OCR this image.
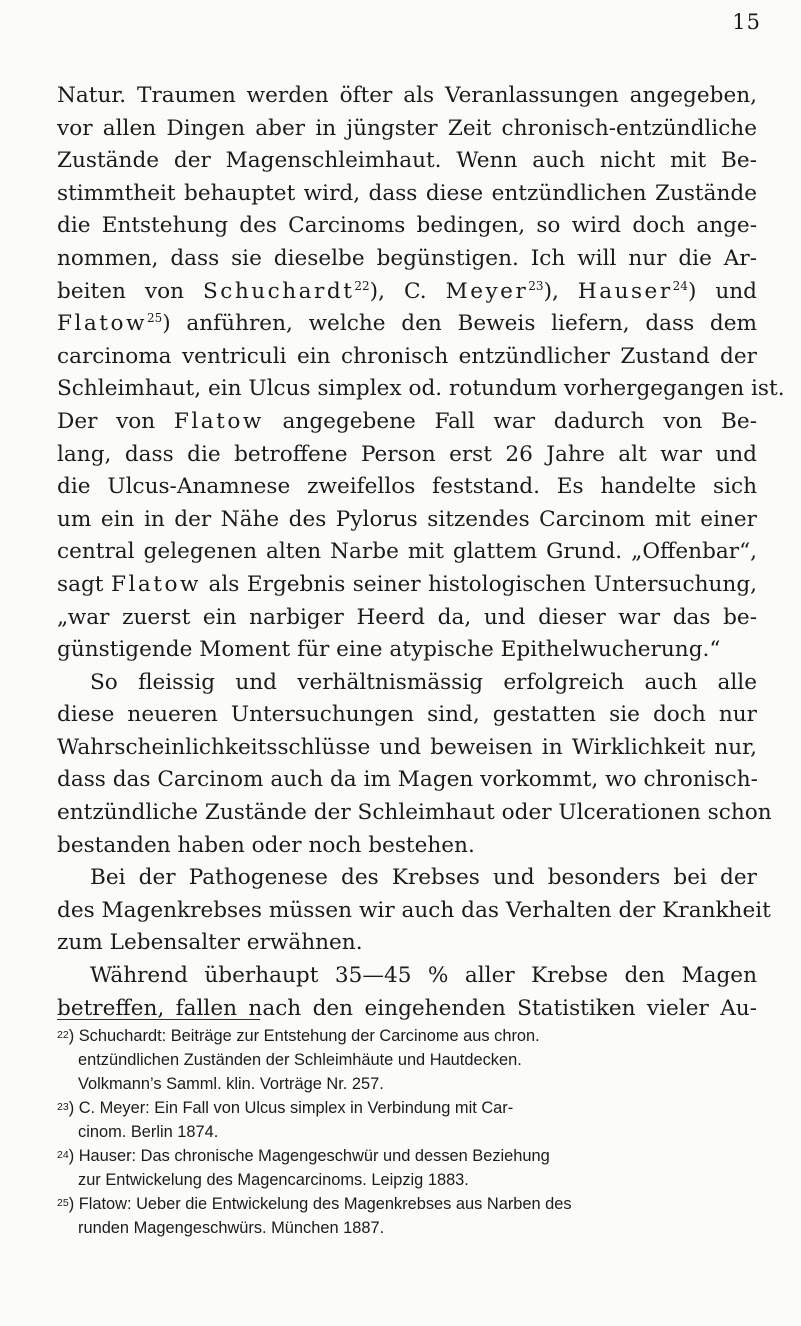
15
Natur. Traumen werden öfter als Veranlassungen angegeben,
vor allen Dingen aber in jüngster Zeit chronisch-entzündliche
Zustände der Magenschleimhaut. Wenn auch nicht mit Be-
stimmtheit behauptet wird, dass diese entzündlichen Zustände
die Entstehung des Carcinoms bedingen, so wird doch ange-
nommen, dass sie dieselbe begünstigen. Ich will nur die Ar-
beiten von Schuchardt$^{22}$), C. Meyer$^{23}$), Hauser$^{24}$) und
Flatow$^{25}$) anführen, welche den Beweis liefern, dass dem
carcinoma ventriculi ein chronisch entzündlicher Zustand der
Schleimhaut, ein Ulcus simplex od. rotundum vorhergegangen ist.
Der von Flatow angegebene Fall war dadurch von Be-
lang, dass die betroffene Person erst 26 Jahre alt war und
die Ulcus-Anamnese zweifellos feststand. Es handelte sich
um ein in der Nähe des Pylorus sitzendes Carcinom mit einer
central gelegenen alten Narbe mit glattem Grund. „Offenbar“,
sagt Flatow als Ergebnis seiner histologischen Untersuchung,
„war zuerst ein narbiger Heerd da, und dieser war das be-
günstigende Moment für eine atypische Epithelwucherung.“
So fleissig und verhältnismässig erfolgreich auch alle
diese neueren Untersuchungen sind, gestatten sie doch nur
Wahrscheinlichkeitsschlüsse und beweisen in Wirklichkeit nur,
dass das Carcinom auch da im Magen vorkommt, wo chronisch-
entzündliche Zustände der Schleimhaut oder Ulcerationen schon
bestanden haben oder noch bestehen.
Bei der Pathogenese des Krebses und besonders bei der
des Magenkrebses müssen wir auch das Verhalten der Krankheit
zum Lebensalter erwähnen.
Während überhaupt 35—45 % aller Krebse den Magen
betreffen, fallen nach den eingehenden Statistiken vieler Au-
$^{22}$) Schuchardt: Beiträge zur Entstehung der Carcinome aus chron.
entzündlichen Zuständen der Schleimhäute und Hautdecken.
Volkmann’s Samml. klin. Vorträge Nr. 257.
$^{23}$) C. Meyer: Ein Fall von Ulcus simplex in Verbindung mit Car-
cinom. Berlin 1874.
$^{24}$) Hauser: Das chronische Magengeschwür und dessen Beziehung
zur Entwickelung des Magencarcinoms. Leipzig 1883.
$^{25}$) Flatow: Ueber die Entwickelung des Magenkrebses aus Narben des
runden Magengeschwürs. München 1887.
